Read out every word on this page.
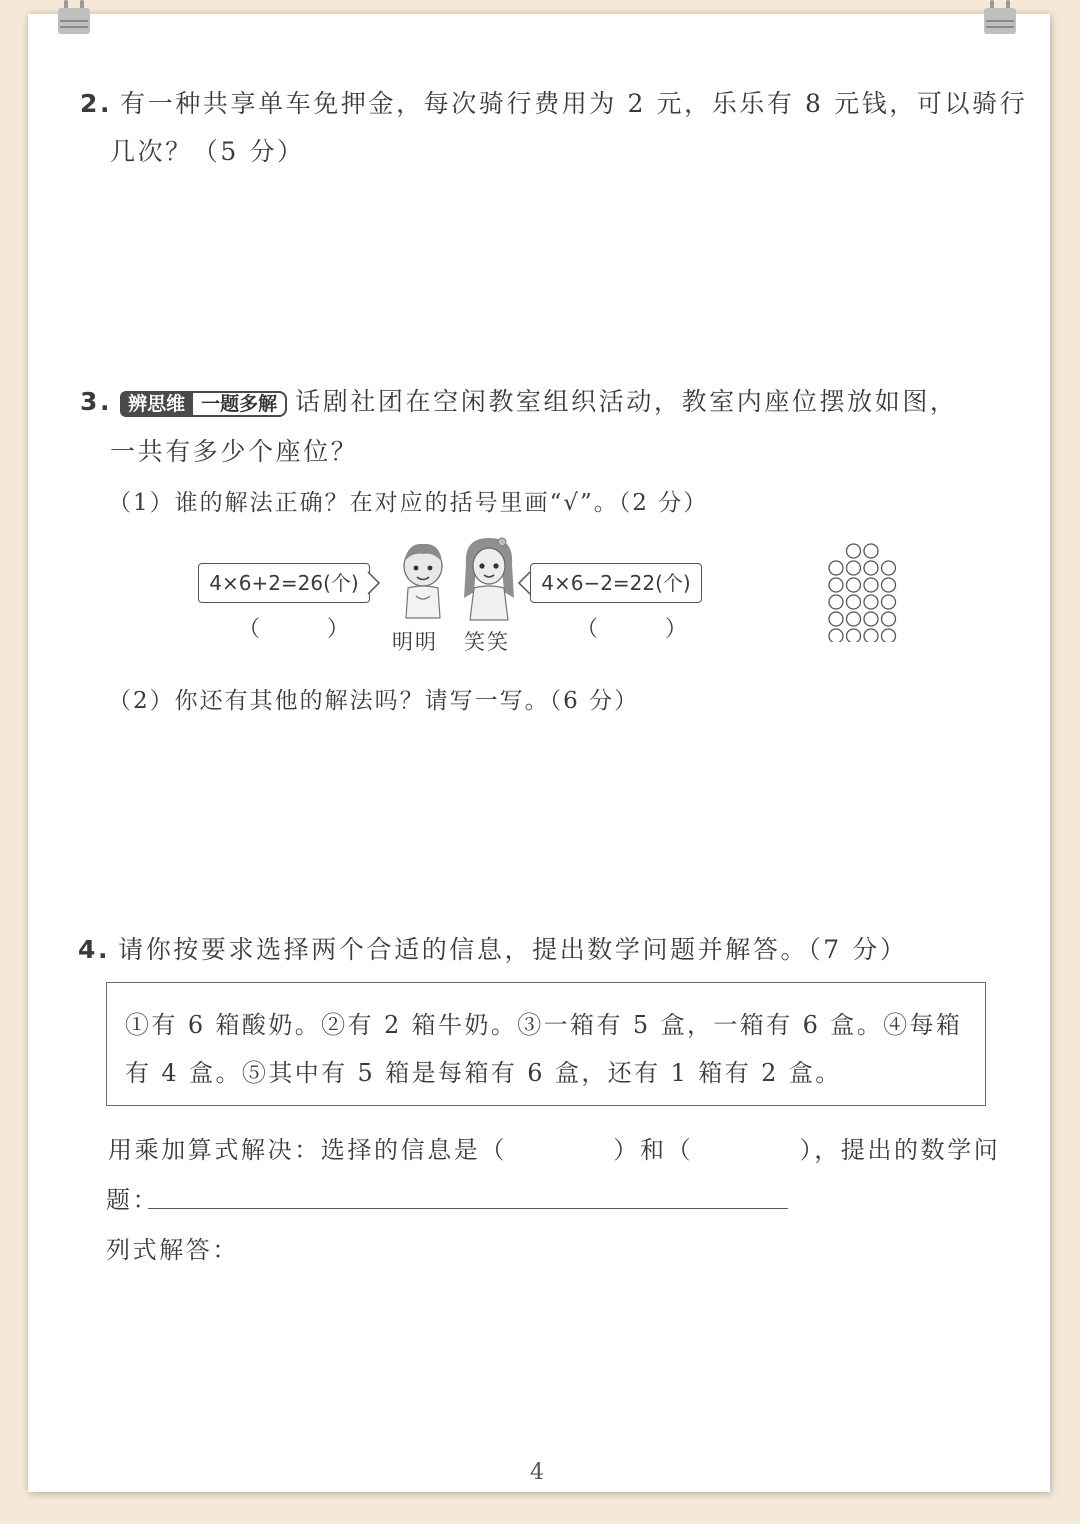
2. 有一种共享单车免押金，每次骑行费用为 2 元，乐乐有 8 元钱，可以骑行
几次？（5 分）
3. 辨思维 一题多解 话剧社团在空闲教室组织活动，教室内座位摆放如图，
一共有多少个座位？
（1）谁的解法正确？在对应的括号里画“√”。（2 分）
4×6+2=26(个)	4×6−2=22(个)
（ ） 明明 笑笑	（ ）
（2）你还有其他的解法吗？请写一写。（6 分）
4. 请你按要求选择两个合适的信息，提出数学问题并解答。（7 分）
①有 6 箱酸奶。②有 2 箱牛奶。③一箱有 5 盒，一箱有 6 盒。④每箱
有 4 盒。⑤其中有 5 箱是每箱有 6 盒，还有 1 箱有 2 盒。
用乘加算式解决：选择的信息是（　　　　）和（　　　　），提出的数学问
题：
列式解答：
4
